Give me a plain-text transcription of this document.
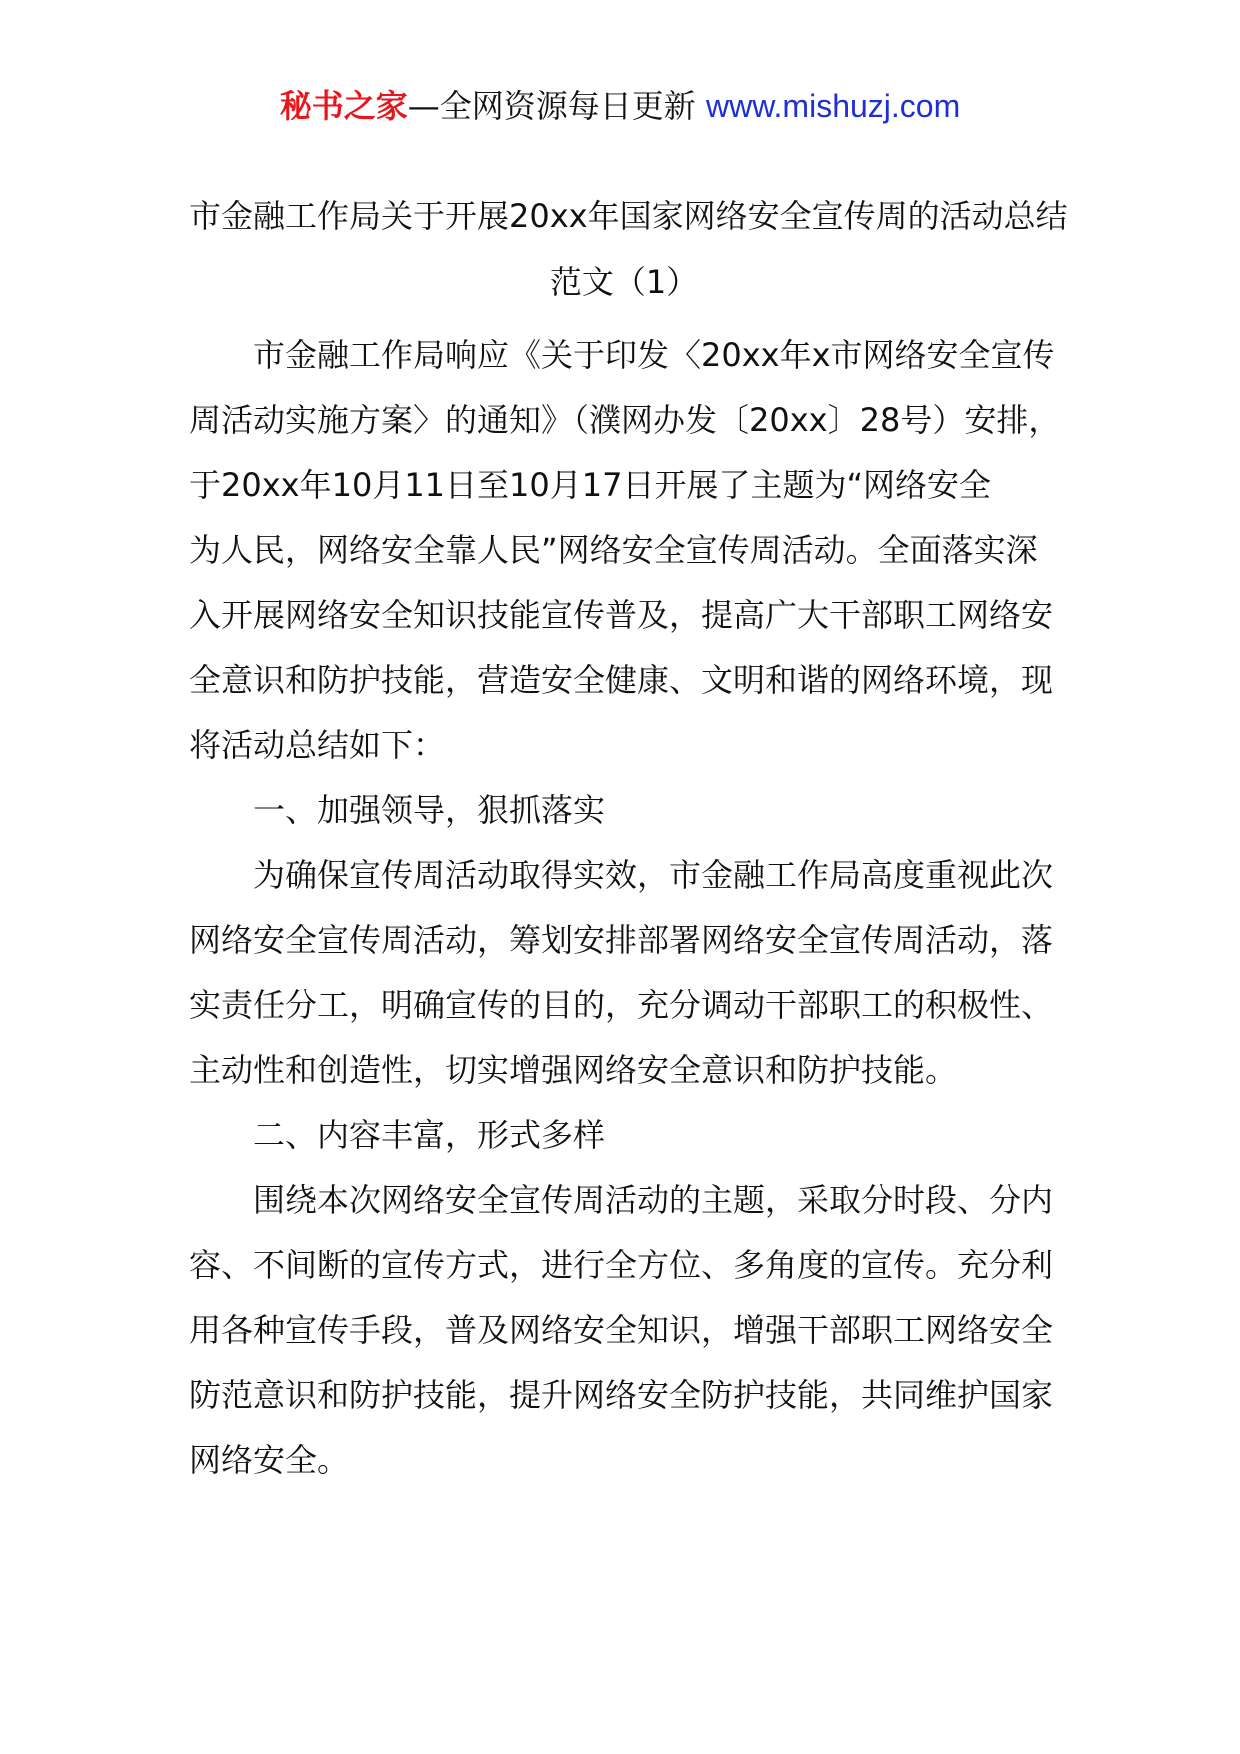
秘书之家—全网资源每日更新 www.mishuzj.com
市金融工作局关于开展20xx年国家网络安全宣传周的活动总结
范文（1）
市金融工作局响应《关于印发〈20xx年x市网络安全宣传
周活动实施方案〉的通知》（濮网办发〔20xx〕28号）安排，
于20xx年10月11日至10月17日开展了主题为“网络安全
为人民，网络安全靠人民”网络安全宣传周活动。全面落实深
入开展网络安全知识技能宣传普及，提高广大干部职工网络安
全意识和防护技能，营造安全健康、文明和谐的网络环境，现
将活动总结如下：
一、加强领导，狠抓落实
为确保宣传周活动取得实效，市金融工作局高度重视此次
网络安全宣传周活动，筹划安排部署网络安全宣传周活动，落
实责任分工，明确宣传的目的，充分调动干部职工的积极性、
主动性和创造性，切实增强网络安全意识和防护技能。
二、内容丰富，形式多样
围绕本次网络安全宣传周活动的主题，采取分时段、分内
容、不间断的宣传方式，进行全方位、多角度的宣传。充分利
用各种宣传手段，普及网络安全知识，增强干部职工网络安全
防范意识和防护技能，提升网络安全防护技能，共同维护国家
网络安全。
